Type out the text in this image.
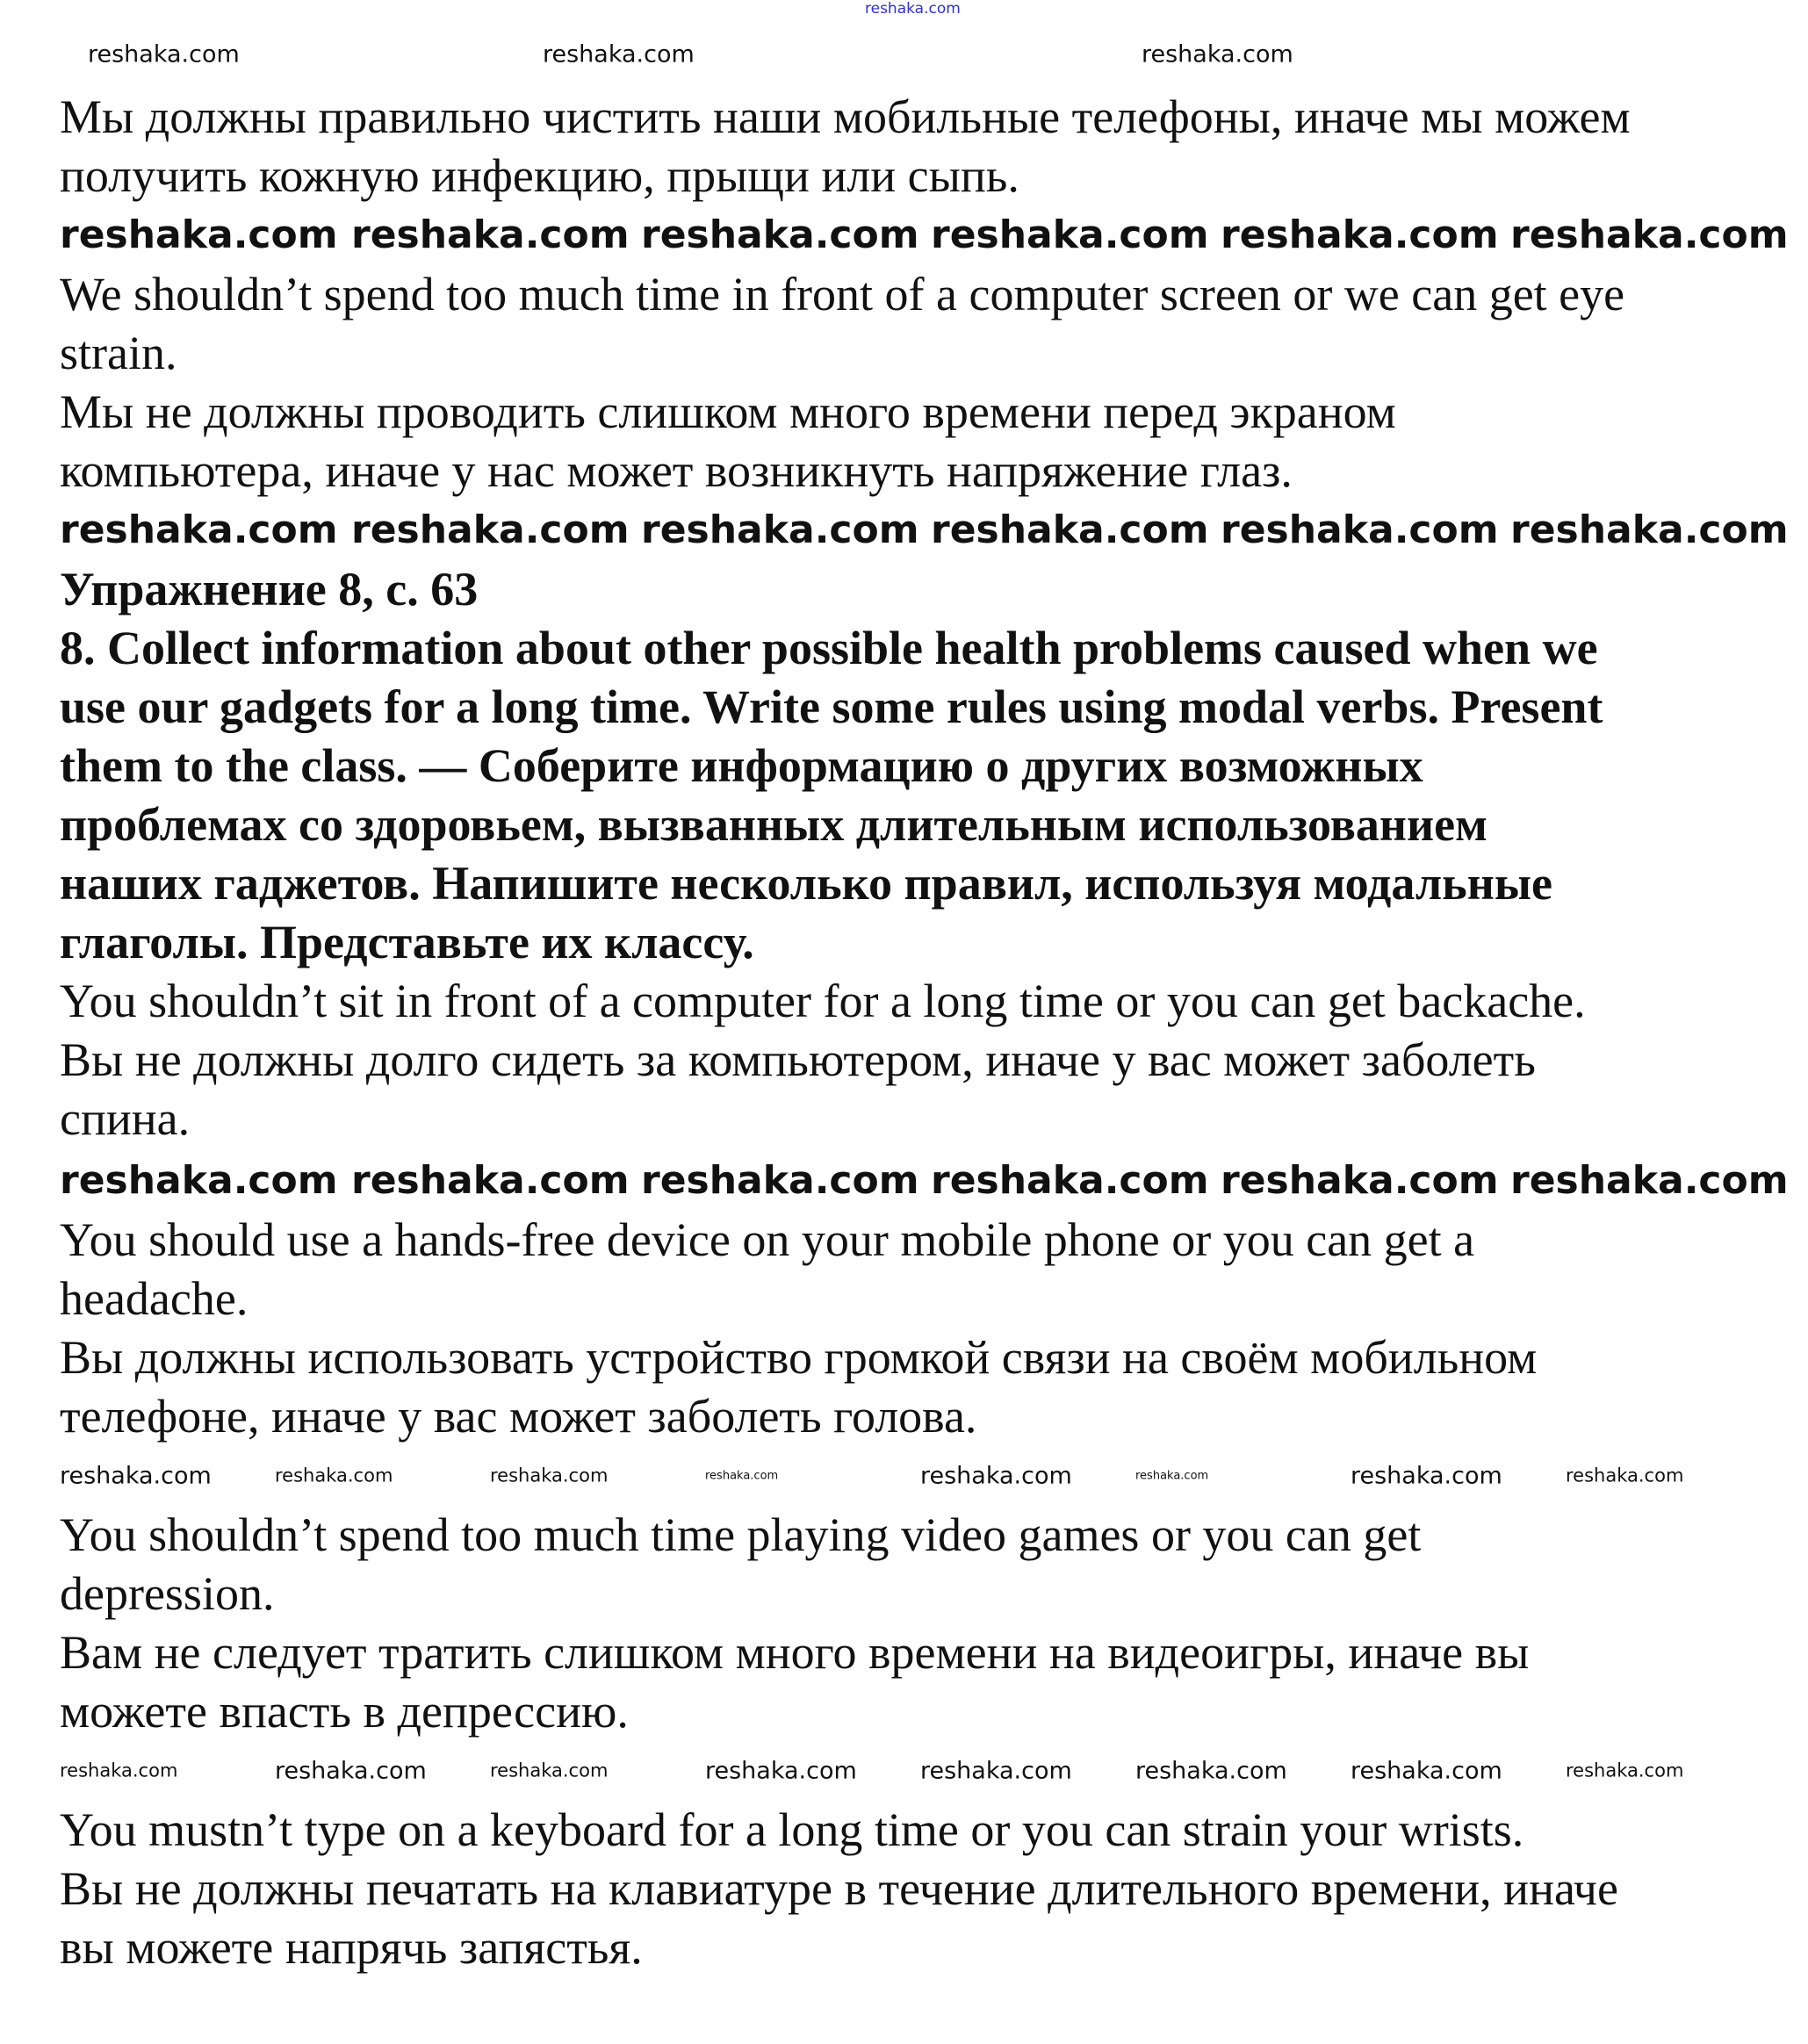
reshaka.com
Мы должны правильно чистить наши мобильные телефоны, иначе мы можем
получить кожную инфекцию, прыщи или сыпь.
We shouldn’t spend too much time in front of a computer screen or we can get eye
strain.
Мы не должны проводить слишком много времени перед экраном
компьютера, иначе у нас может возникнуть напряжение глаз.
Упражнение 8, с. 63
8. Collect information about other possible health problems caused when we
use our gadgets for a long time. Write some rules using modal verbs. Present
them to the class. — Соберите информацию о других возможных
проблемах со здоровьем, вызванных длительным использованием
наших гаджетов. Напишите несколько правил, используя модальные
глаголы. Представьте их классу.
You shouldn’t sit in front of a computer for a long time or you can get backache.
Вы не должны долго сидеть за компьютером, иначе у вас может заболеть
спина.
You should use a hands-free device on your mobile phone or you can get a
headache.
Вы должны использовать устройство громкой связи на своём мобильном
телефоне, иначе у вас может заболеть голова.
You shouldn’t spend too much time playing video games or you can get
depression.
Вам не следует тратить слишком много времени на видеоигры, иначе вы
можете впасть в депрессию.
You mustn’t type on a keyboard for a long time or you can strain your wrists.
Вы не должны печатать на клавиатуре в течение длительного времени, иначе
вы можете напрячь запястья.
reshaka.com	reshaka.com	reshaka.com
reshaka.com reshaka.com reshaka.com reshaka.com reshaka.com reshaka.com
reshaka.com reshaka.com reshaka.com reshaka.com reshaka.com reshaka.com
reshaka.com reshaka.com reshaka.com reshaka.com reshaka.com reshaka.com
reshaka.com	reshaka.com	reshaka.com	reshaka.com	reshaka.com	reshaka.com	reshaka.com	reshaka.com
reshaka.com	reshaka.com	reshaka.com	reshaka.com	reshaka.com	reshaka.com	reshaka.com	reshaka.com
